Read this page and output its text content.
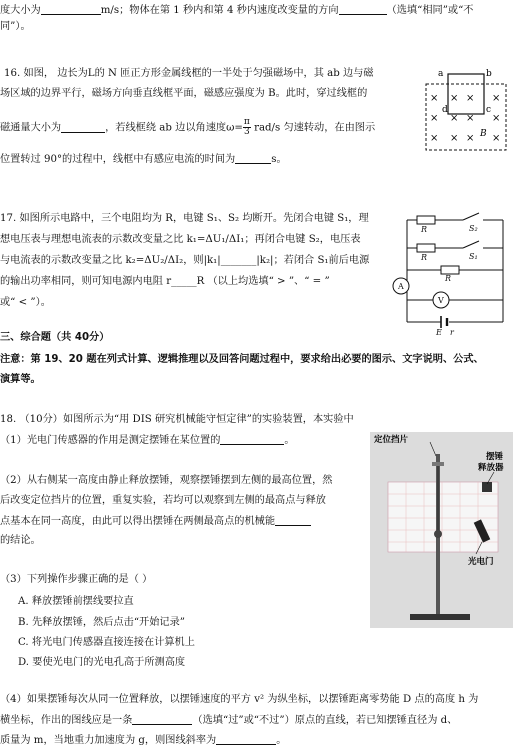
度大小为	m/s；物体在第 1 秒内和第 4 秒内速度改变量的方向	（选填“相同”或“不
同”）。
16. 如图， 边长为L的 N 匝正方形金属线框的一半处于匀强磁场中，其 ab 边与磁
场区域的边界平行，磁场方向垂直线框平面，磁感应强度为 B。此时，穿过线框的
磁通量大小为	，若线框绕 ab 边以角速度$\omega= \frac{\pi}{3} rad/s$ 匀速转动，在由图示
位置转过 90°的过程中，线框中有感应电流的时间为	s。
a	b
d	c
B
× × × ×
× × × ×
× × × ×
17. 如图所示电路中，三个电阻均为 R，电键 S₁、S₂ 均断开。先闭合电键 S₁，理
想电压表与理想电流表的示数改变量之比 k₁=ΔU₁/ΔI₁；再闭合电键 S₂，电压表
与电流表的示数改变量之比 k₂=ΔU₂/ΔI₂，则|k₁|_______|k₂|；若闭合 S₁前后电源
的输出功率相同，则可知电源内电阻 r_____R （以上均选填“ > ”、“ = ”
或“ < ”）。
R	S₂
R	S₁
R
A
V
E r
三、综合题（共 40分）
注意：第 19、20 题在列式计算、逻辑推理以及回答问题过程中，要求给出必要的图示、文字说明、公式、
演算等。
18. （10分）如图所示为“用 DIS 研究机械能守恒定律”的实验装置，本实验中
（1）光电门传感器的作用是测定摆锤在某位置的	。
（2）从右侧某一高度由静止释放摆锤，观察摆锤摆到左侧的最高位置，然
后改变定位挡片的位置，重复实验，若均可以观察到左侧的最高点与释放
点基本在同一高度，由此可以得出摆锤在两侧最高点的机械能
的结论。
（3）下列操作步骤正确的是（ ）
A. 释放摆锤前摆线要拉直
B. 先释放摆锤，然后点击“开始记录”
C. 将光电门传感器直接连接在计算机上
D. 要使光电门的光电孔高于所测高度
（4）如果摆锤每次从同一位置释放，以摆锤速度的平方 v² 为纵坐标，以摆锤距离零势能 D 点的高度 h 为
横坐标，作出的图线应是一条	（选填“过”或“不过”）原点的直线，若已知摆锤直径为 d、
质量为 m，当地重力加速度为 g，则图线斜率为	。
定位挡片
摆锤
释放器
光电门
